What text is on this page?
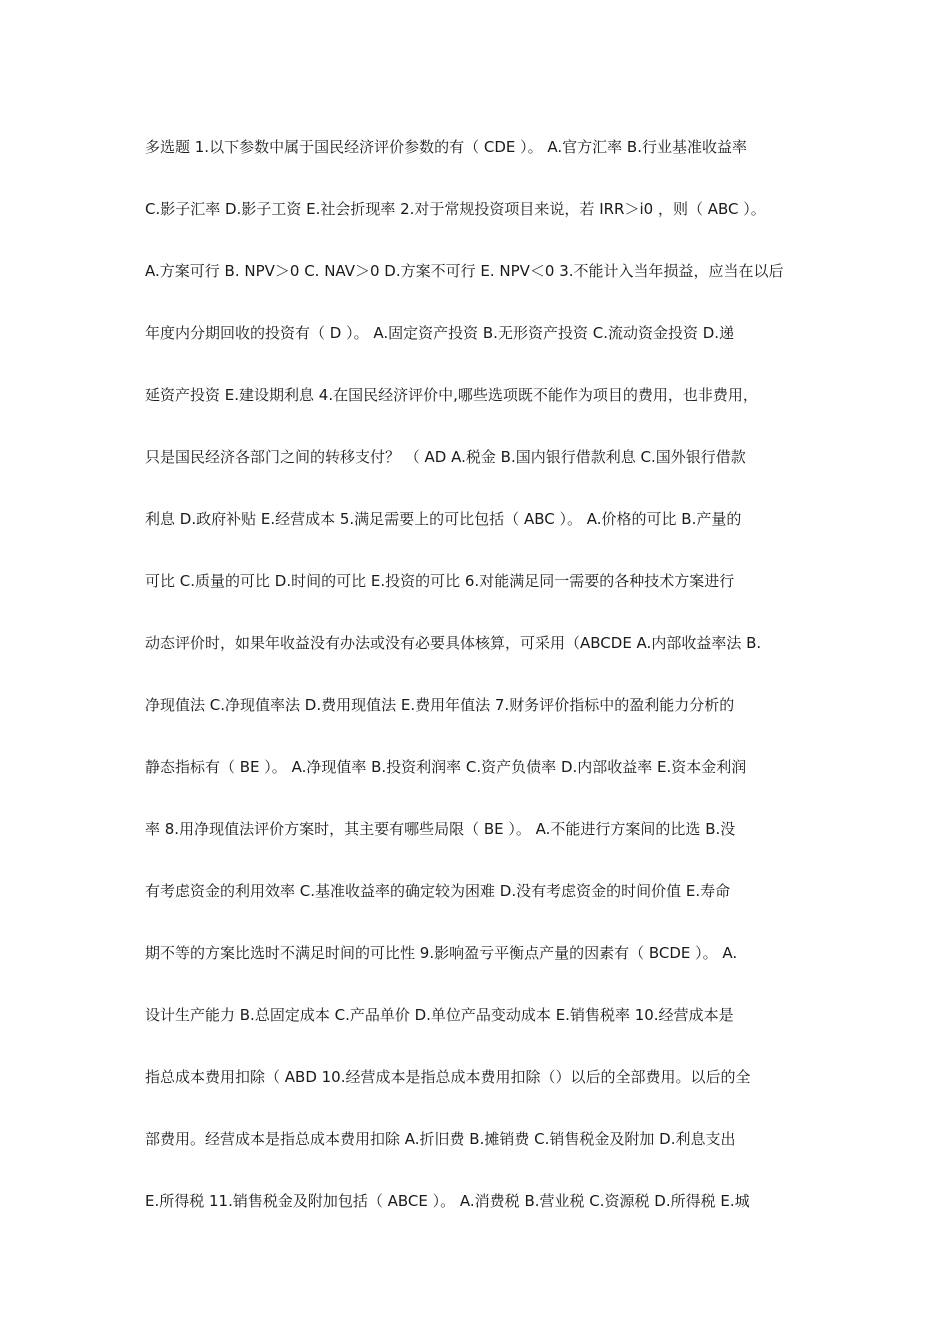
多选题 1.以下参数中属于国民经济评价参数的有（ CDE ）。 A.官方汇率 B.行业基准收益率
C.影子汇率 D.影子工资 E.社会折现率 2.对于常规投资项目来说，若 IRR＞i0 ，则（ ABC ）。
A.方案可行 B. NPV＞0 C. NAV＞0 D.方案不可行 E. NPV＜0 3.不能计入当年损益，应当在以后
年度内分期回收的投资有（ D ）。 A.固定资产投资 B.无形资产投资 C.流动资金投资 D.递
延资产投资 E.建设期利息 4.在国民经济评价中,哪些选项既不能作为项目的费用，也非费用，
只是国民经济各部门之间的转移支付？ （ AD A.税金 B.国内银行借款利息 C.国外银行借款
利息 D.政府补贴 E.经营成本 5.满足需要上的可比包括（ ABC ）。 A.价格的可比 B.产量的
可比 C.质量的可比 D.时间的可比 E.投资的可比 6.对能满足同一需要的各种技术方案进行
动态评价时，如果年收益没有办法或没有必要具体核算，可采用（ABCDE A.内部收益率法 B.
净现值法 C.净现值率法 D.费用现值法 E.费用年值法 7.财务评价指标中的盈利能力分析的
静态指标有（ BE ）。 A.净现值率 B.投资利润率 C.资产负债率 D.内部收益率 E.资本金利润
率 8.用净现值法评价方案时，其主要有哪些局限（ BE ）。 A.不能进行方案间的比选 B.没
有考虑资金的利用效率 C.基准收益率的确定较为困难 D.没有考虑资金的时间价值 E.寿命
期不等的方案比选时不满足时间的可比性 9.影响盈亏平衡点产量的因素有（ BCDE ）。 A.
设计生产能力 B.总固定成本 C.产品单价 D.单位产品变动成本 E.销售税率 10.经营成本是
指总成本费用扣除（ ABD 10.经营成本是指总成本费用扣除（）以后的全部费用。以后的全
部费用。经营成本是指总成本费用扣除 A.折旧费 B.摊销费 C.销售税金及附加 D.利息支出
E.所得税 11.销售税金及附加包括（ ABCE ）。 A.消费税 B.营业税 C.资源税 D.所得税 E.城
